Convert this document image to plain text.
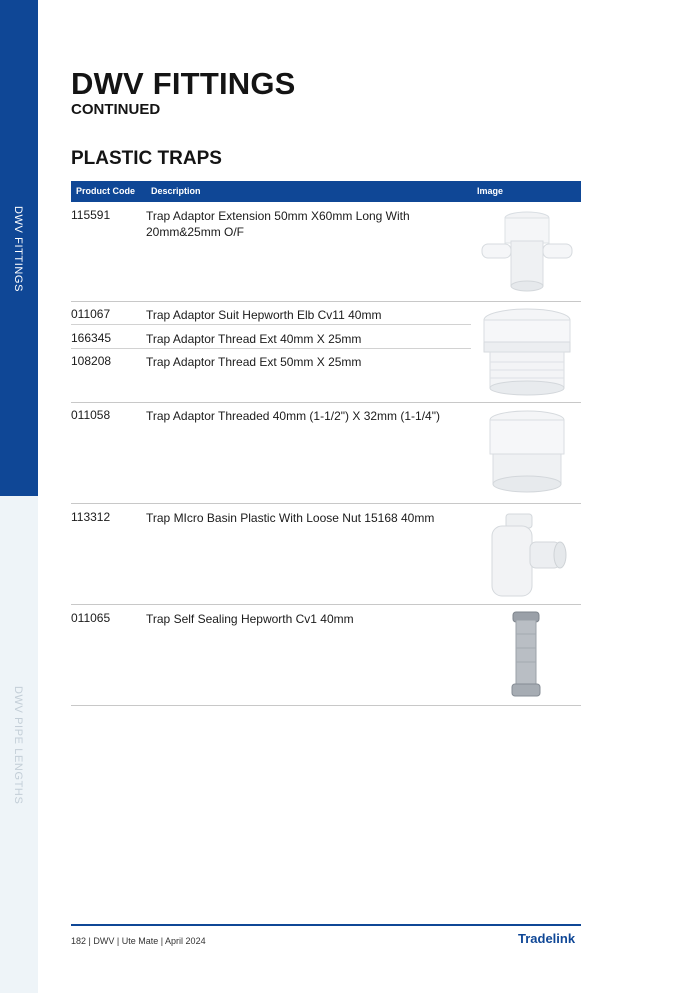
DWV FITTINGS
DWV PIPE LENGTHS
DWV FITTINGS
CONTINUED
PLASTIC TRAPS
Product Code Description	Image
115591	Trap Adaptor Extension 50mm X60mm Long With 20mm&25mm O/F
011067	Trap Adaptor Suit Hepworth Elb Cv11 40mm
166345	Trap Adaptor Thread Ext 40mm X 25mm
108208	Trap Adaptor Thread Ext 50mm X 25mm
011058	Trap Adaptor Threaded 40mm (1-1/2") X 32mm (1-1/4")
113312	Trap MIcro Basin Plastic With Loose Nut 15168 40mm
011065	Trap Self Sealing Hepworth Cv1 40mm
182 | DWV | Ute Mate | April 2024	Tradelink
